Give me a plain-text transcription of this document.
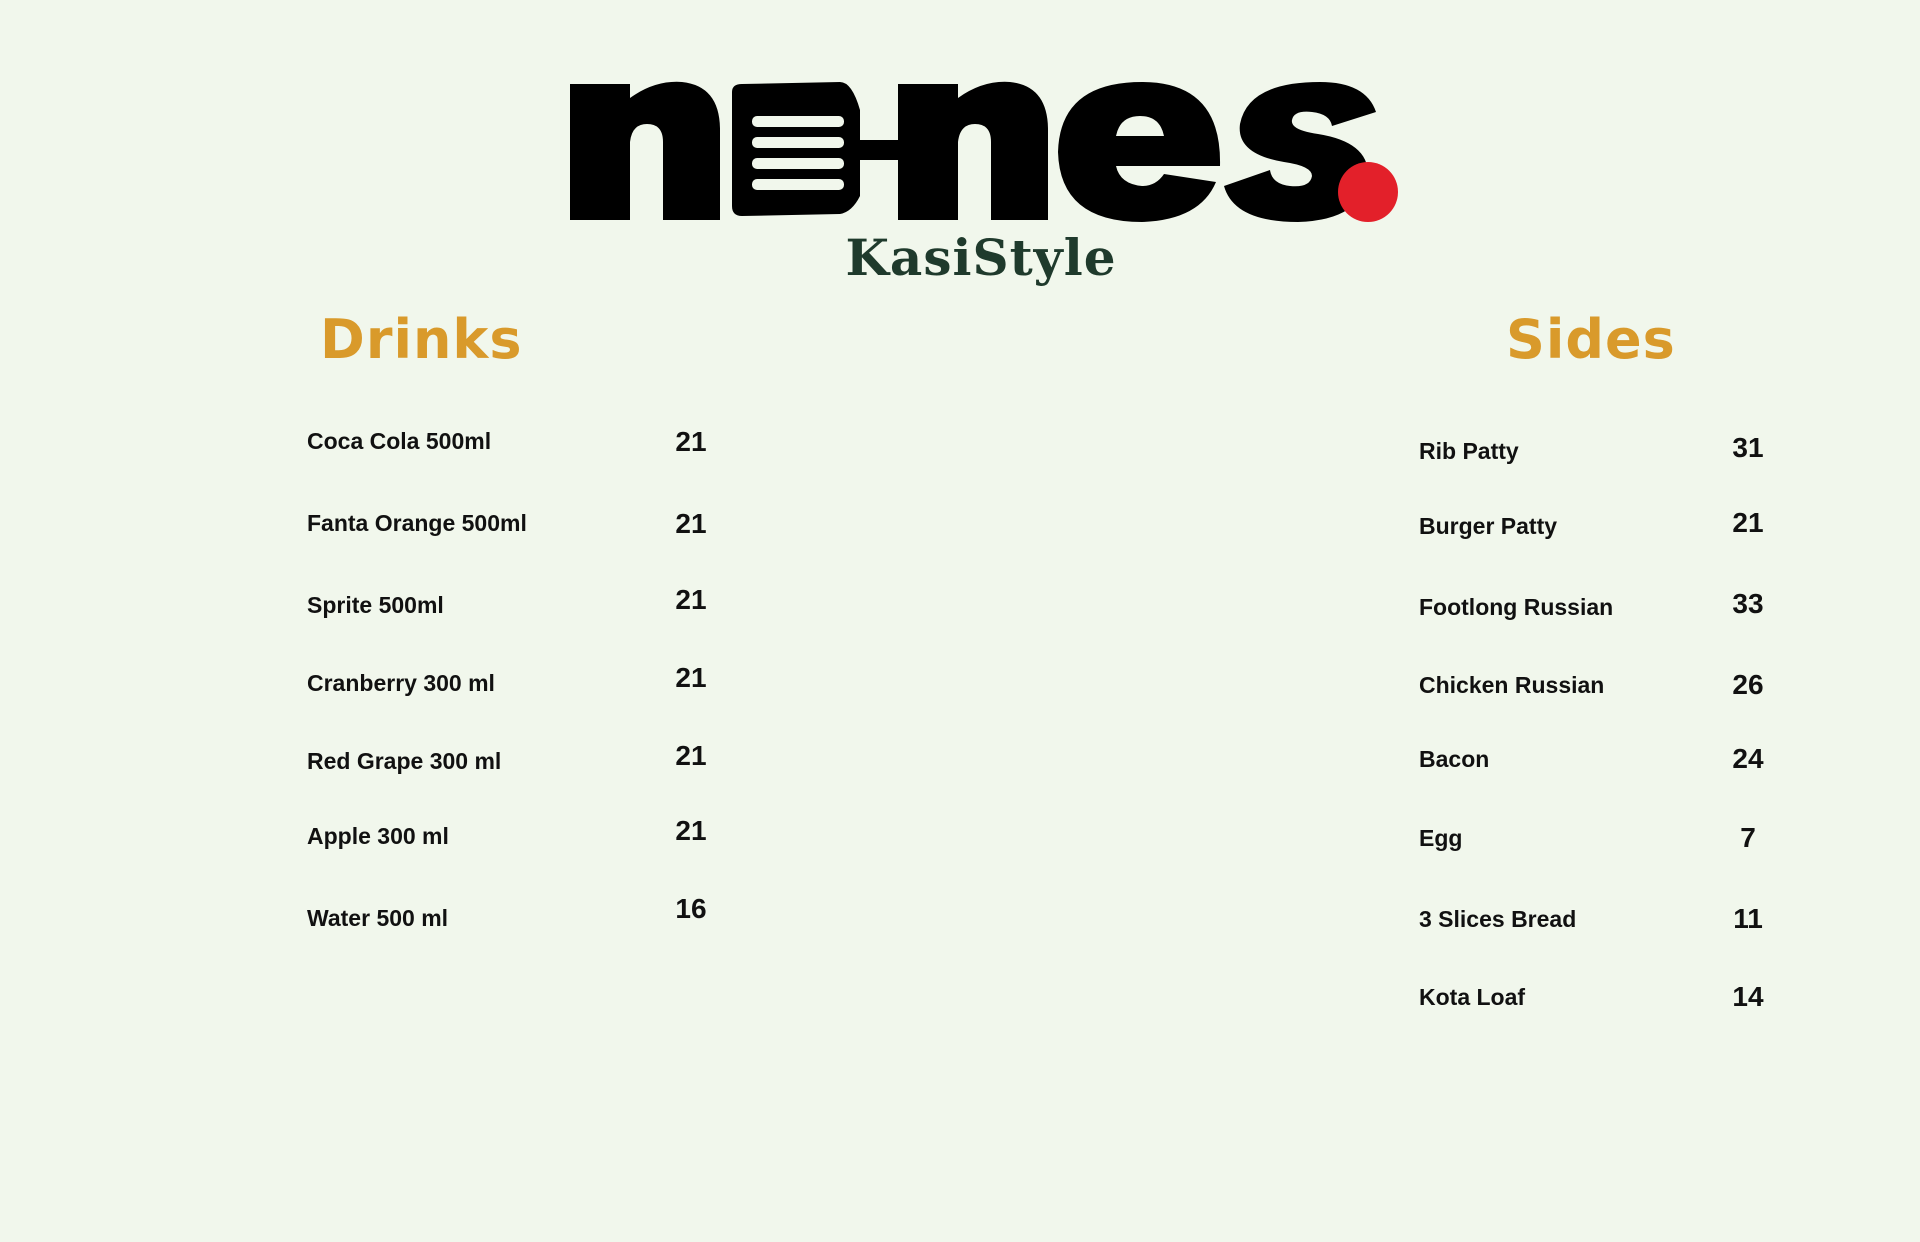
KasiStyle
Drinks	Sides
Coca Cola 500ml	21
Fanta Orange 500ml	21
Sprite 500ml	21
Cranberry 300 ml	21
Red Grape 300 ml	21
Apple 300 ml	21
Water 500 ml	16
Rib Patty	31
Burger Patty	21
Footlong Russian	33
Chicken Russian	26
Bacon	24
Egg	7
3 Slices Bread	11
Kota Loaf	14
